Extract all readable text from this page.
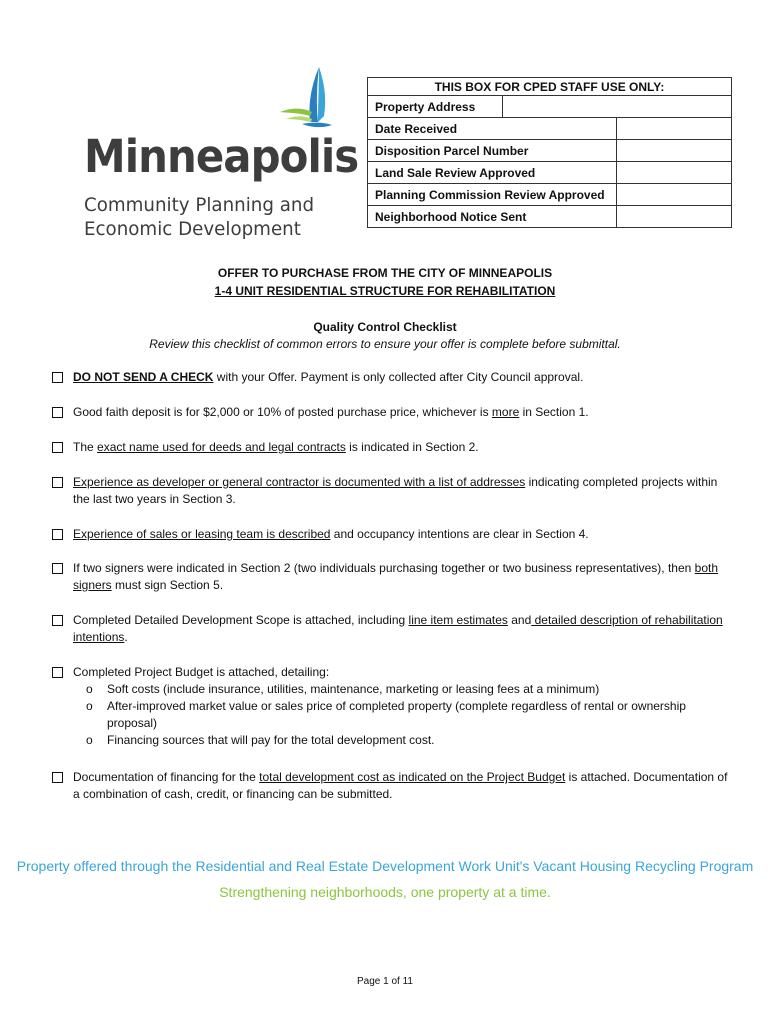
Minneapolis
Community Planning and
Economic Development
THIS BOX FOR CPED STAFF USE ONLY:		
Property Address		
Date Received		
Disposition Parcel Number		
Land Sale Review Approved		
Planning Commission Review Approved		
Neighborhood Notice Sent		
OFFER TO PURCHASE FROM THE CITY OF MINNEAPOLIS
1-4 UNIT RESIDENTIAL STRUCTURE FOR REHABILITATION
Quality Control Checklist
Review this checklist of common errors to ensure your offer is complete before submittal.
DO NOT SEND A CHECK with your Offer. Payment is only collected after City Council approval.
Good faith deposit is for $2,000 or 10% of posted purchase price, whichever is more in Section 1.
The exact name used for deeds and legal contracts is indicated in Section 2.
Experience as developer or general contractor is documented with a list of addresses indicating completed projects within the last two years in Section 3.
Experience of sales or leasing team is described and occupancy intentions are clear in Section 4.
If two signers were indicated in Section 2 (two individuals purchasing together or two business representatives), then both signers must sign Section 5.
Completed Detailed Development Scope is attached, including line item estimates and detailed description of rehabilitation intentions.
Completed Project Budget is attached, detailing:
o Soft costs (include insurance, utilities, maintenance, marketing or leasing fees at a minimum)
o After-improved market value or sales price of completed property (complete regardless of rental or ownership proposal)
o Financing sources that will pay for the total development cost.
Documentation of financing for the total development cost as indicated on the Project Budget is attached. Documentation of a combination of cash, credit, or financing can be submitted.
Property offered through the Residential and Real Estate Development Work Unit's Vacant Housing Recycling Program
Strengthening neighborhoods, one property at a time.
Page 1 of 11
